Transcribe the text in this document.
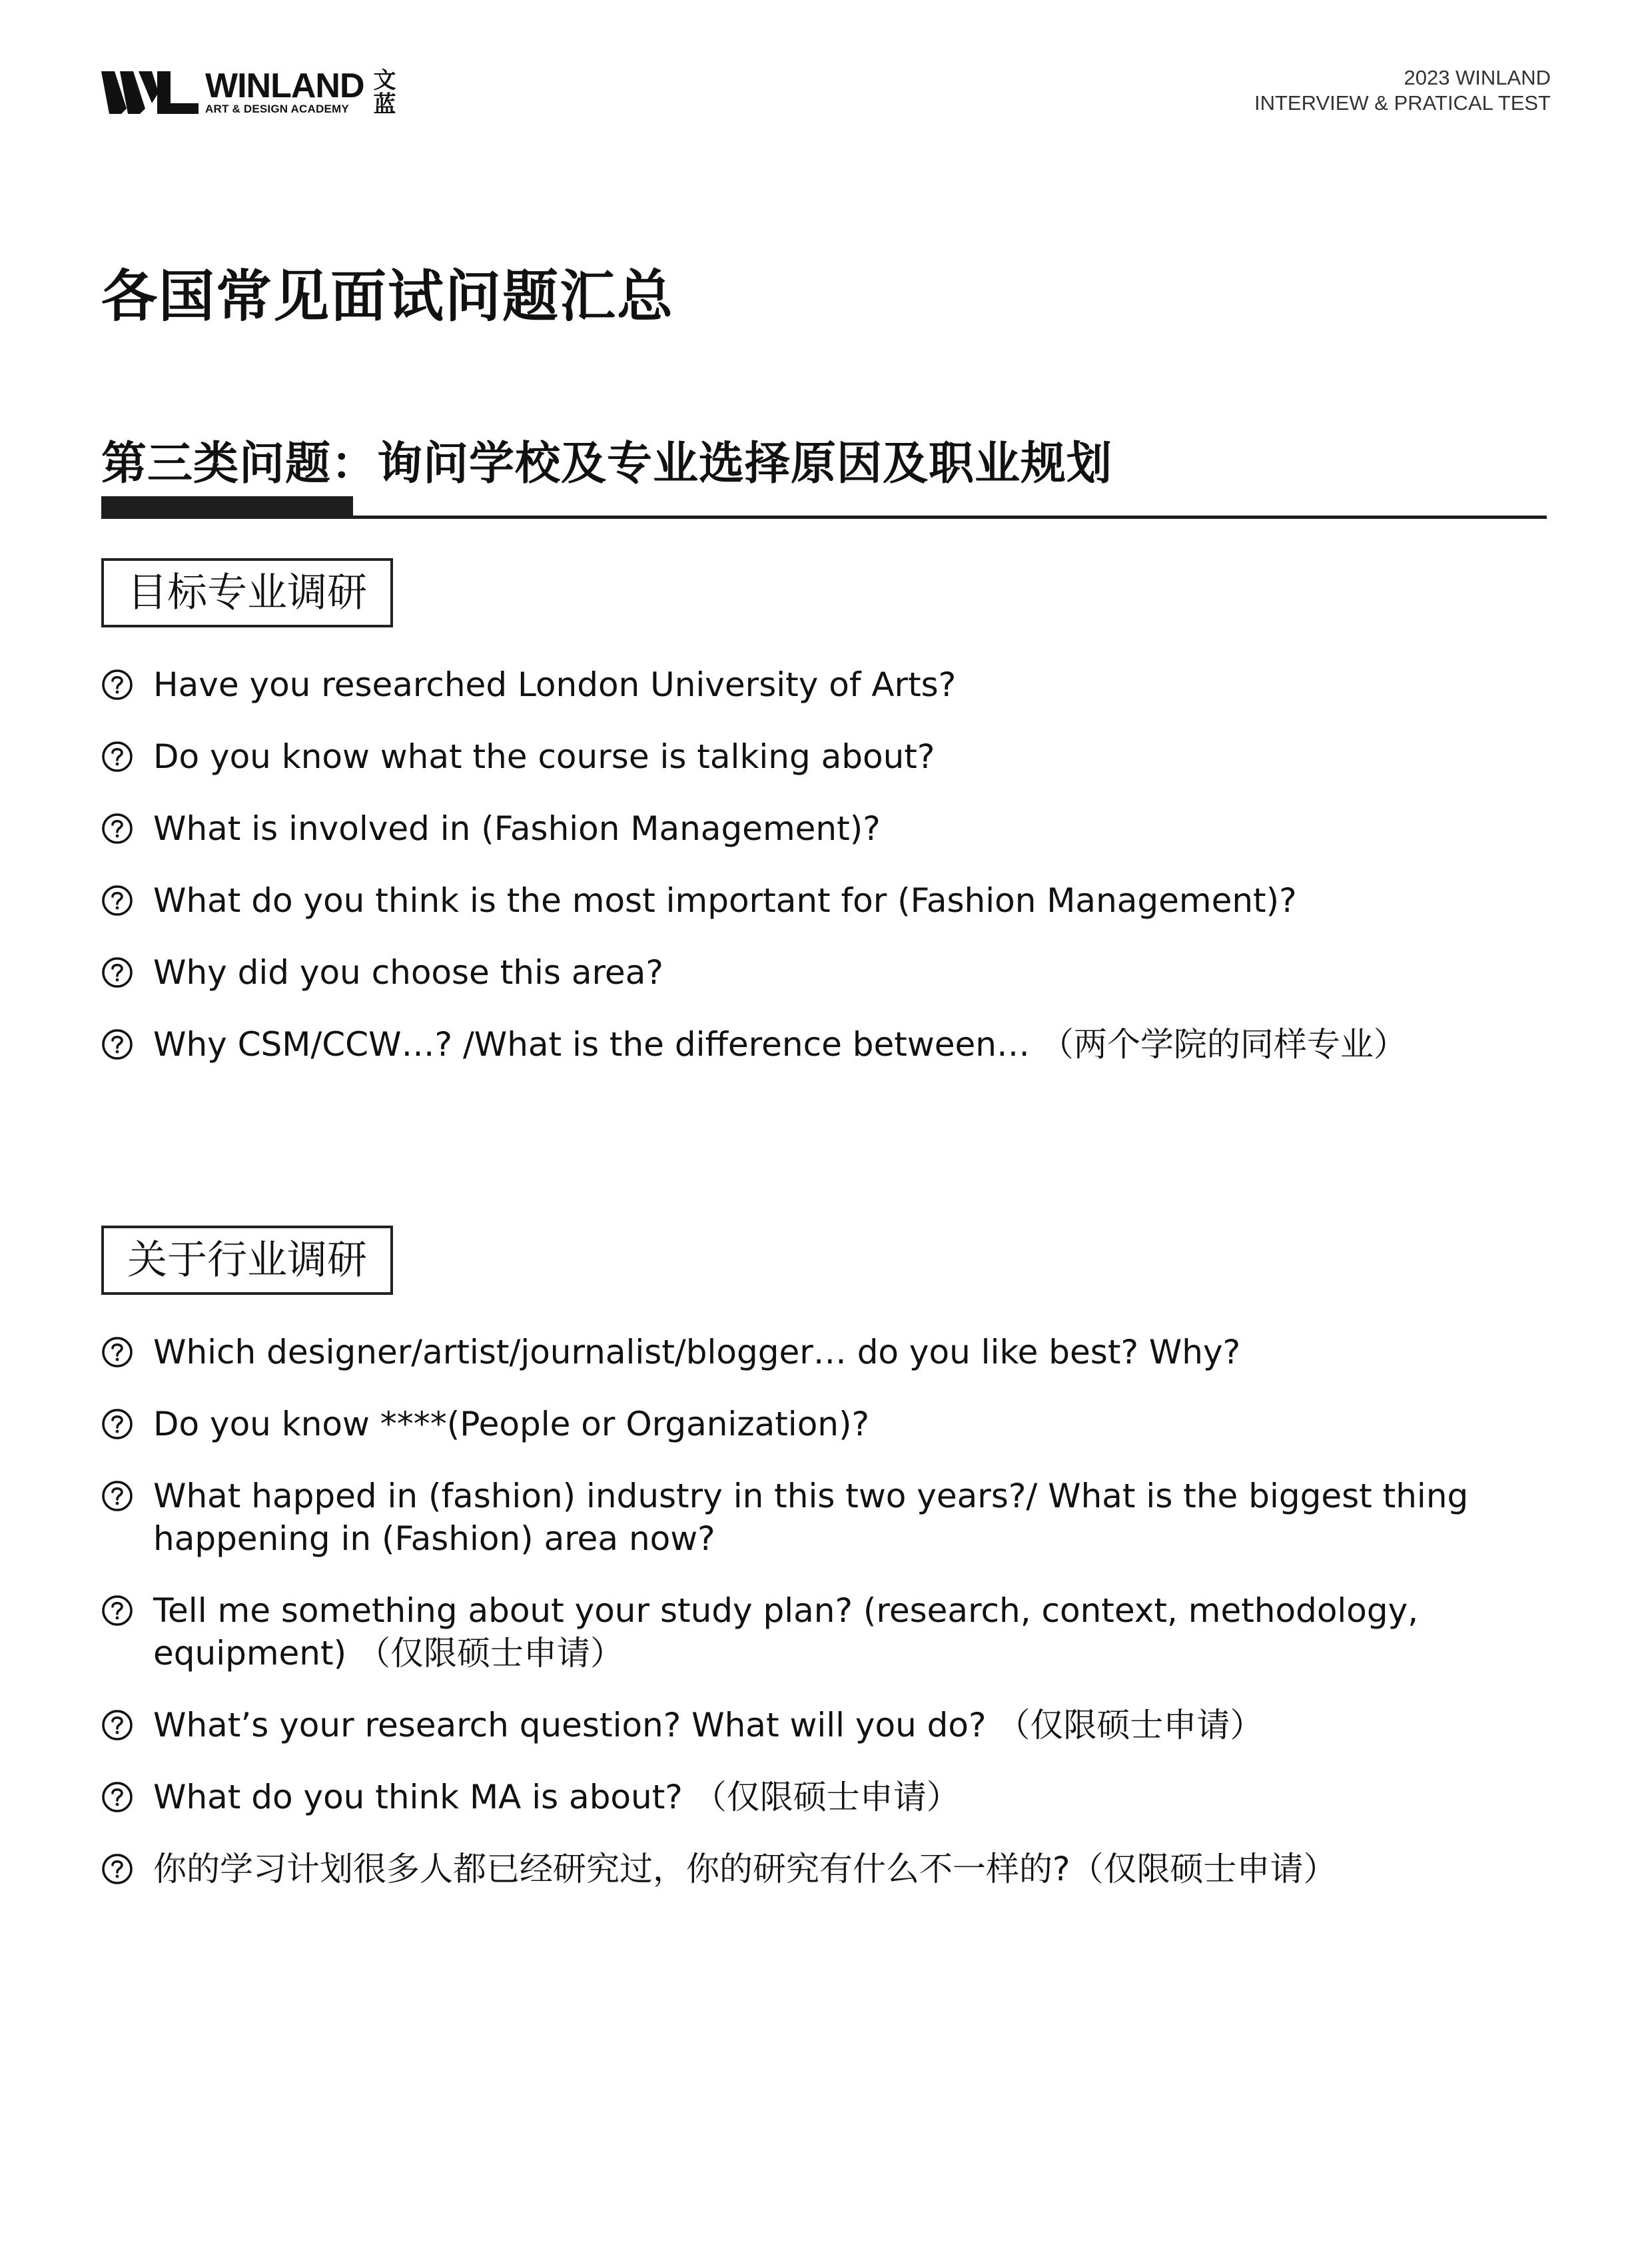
WINLAND
ART & DESIGN ACADEMY
文
蓝
2023 WINLAND
INTERVIEW & PRATICAL TEST
各国常见面试问题汇总
第三类问题：询问学校及专业选择原因及职业规划
目标专业调研
Have you researched London University of Arts?
Do you know what the course is talking about?
What is involved in (Fashion Management)?
What do you think is the most important for (Fashion Management)?
Why did you choose this area?
Why CSM/CCW…? /What is the difference between… （两个学院的同样专业）
关于行业调研
Which designer/artist/journalist/blogger… do you like best? Why?
Do you know ****(People or Organization)?
What happed in (fashion) industry in this two years?/ What is the biggest thing happening in (Fashion) area now?
Tell me something about your study plan? (research, context, methodology, equipment) （仅限硕士申请）
What’s your research question? What will you do? （仅限硕士申请）
What do you think MA is about? （仅限硕士申请）
你的学习计划很多人都已经研究过，你的研究有什么不一样的?（仅限硕士申请）
